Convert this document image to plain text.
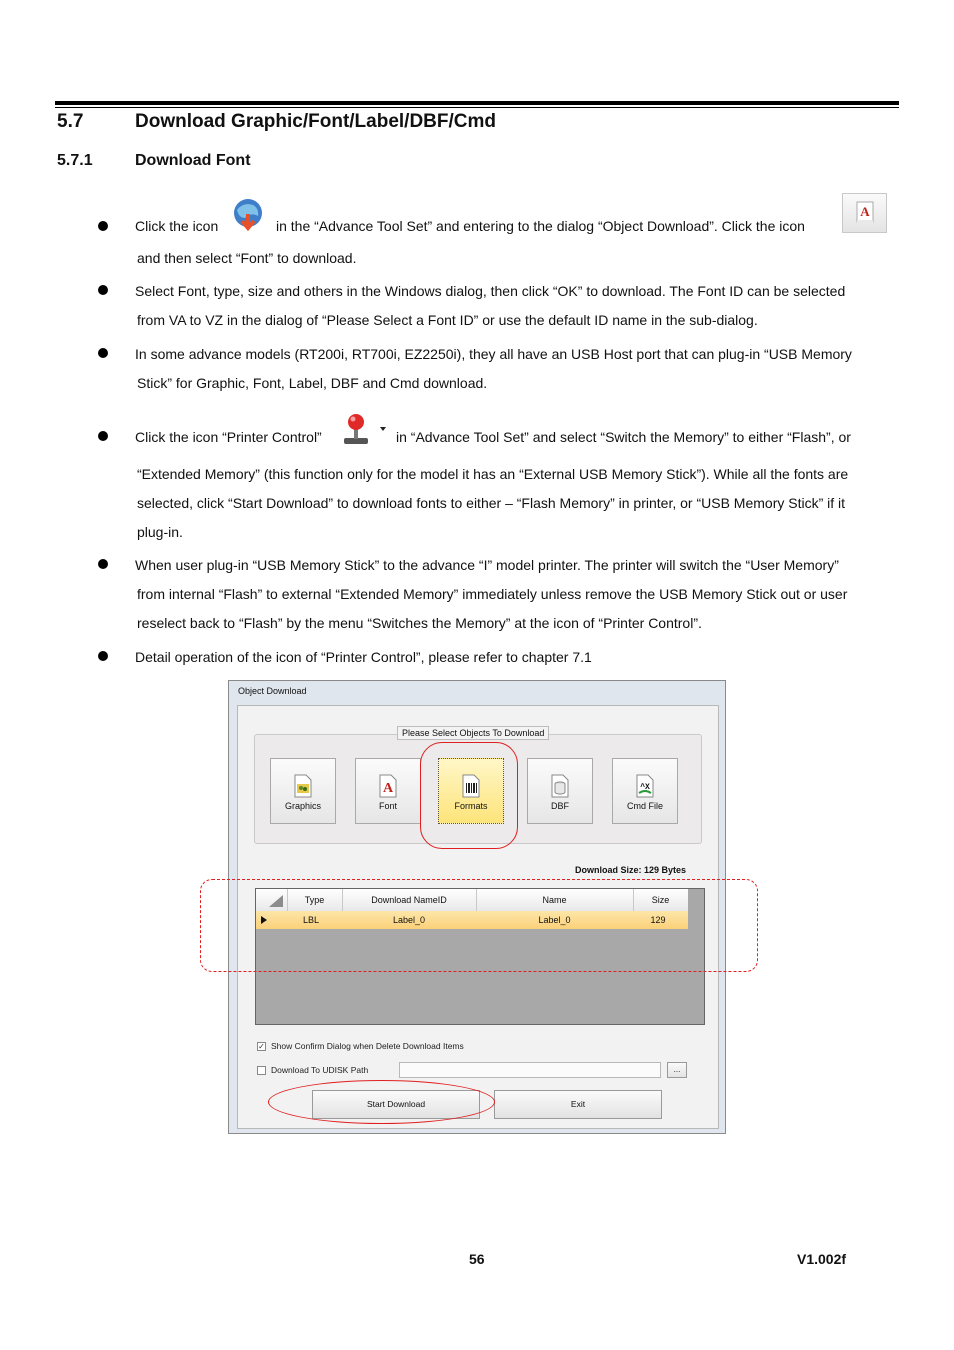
5.7	Download Graphic/Font/Label/DBF/Cmd
5.7.1	Download Font
Click the icon	in the “Advance Tool Set” and entering to the dialog “Object Download”. Click the icon
A
and then select “Font” to download.
Select Font, type, size and others in the Windows dialog, then click “OK” to download. The Font ID can be selected
from VA to VZ in the dialog of “Please Select a Font ID” or use the default ID name in the sub-dialog.
In some advance models (RT200i, RT700i, EZ2250i), they all have an USB Host port that can plug-in “USB Memory
Stick” for Graphic, Font, Label, DBF and Cmd download.
Click the icon “Printer Control”	in “Advance Tool Set” and select “Switch the Memory” to either “Flash”, or
“Extended Memory” (this function only for the model it has an “External USB Memory Stick”). While all the fonts are
selected, click “Start Download” to download fonts to either – “Flash Memory” in printer, or “USB Memory Stick” if it
plug-in.
When user plug-in “USB Memory Stick” to the advance “I” model printer. The printer will switch the “User Memory”
from internal “Flash” to external “Extended Memory” immediately unless remove the USB Memory Stick out or user
reselect back to “Flash” by the menu “Switches the Memory” at the icon of “Printer Control”.
Detail operation of the icon of “Printer Control”, please refer to chapter 7.1
Object Download
Please Select Objects To Download
Graphics
A
Font	Formats	DBF
^X
Cmd File
Download Size: 129 Bytes
Type	Download NameID	Name	Size
LBL	Label_0	Label_0	129
✓ Show Confirm Dialog when Delete Download Items
Download To UDISK Path	...
Start Download	Exit
56	V1.002f
